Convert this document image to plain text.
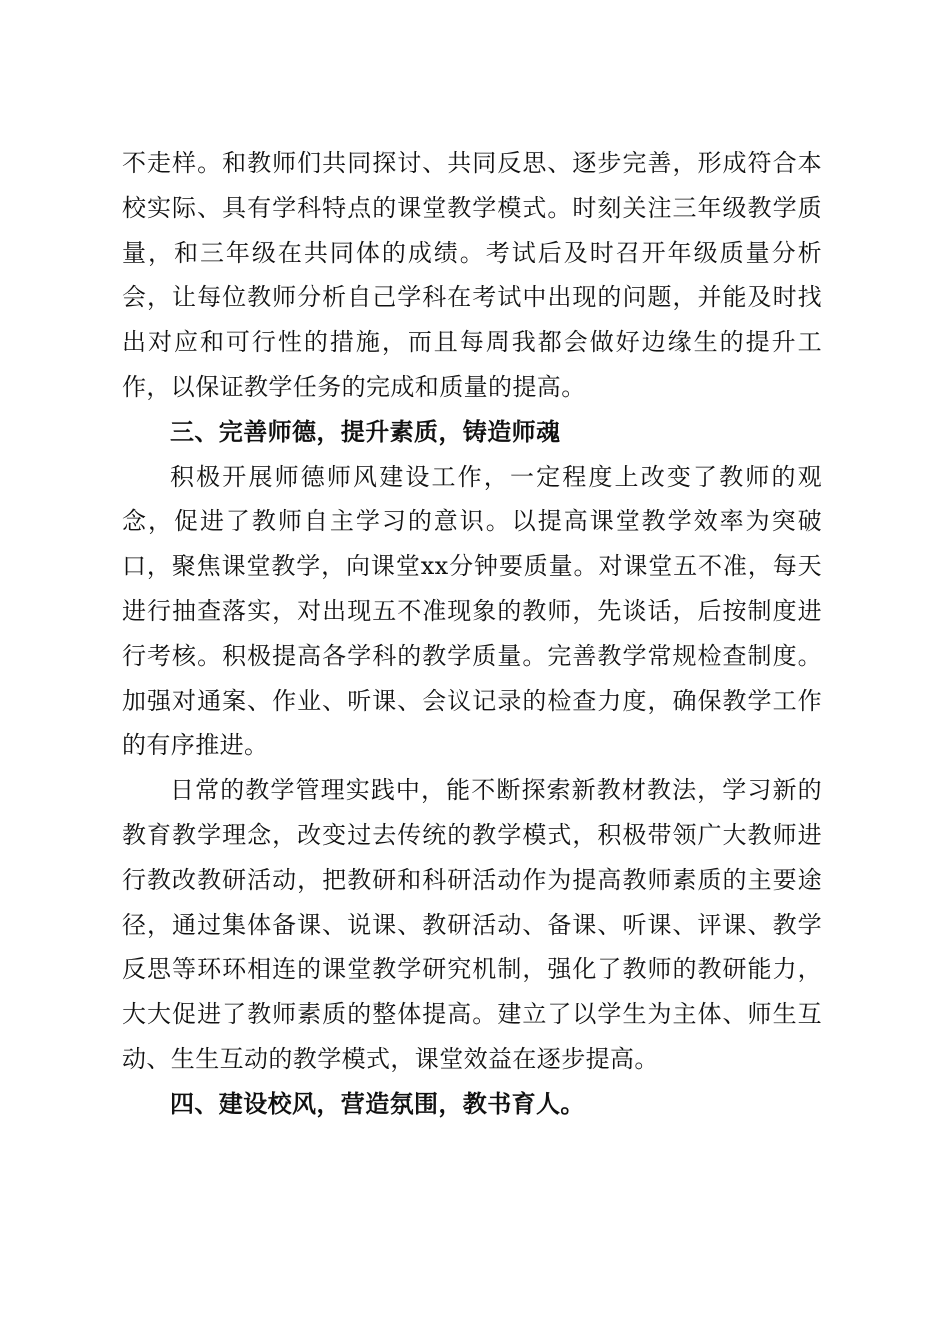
不走样。和教师们共同探讨、共同反思、逐步完善，形成符合本校实际、具有学科特点的课堂教学模式。时刻关注三年级教学质量，和三年级在共同体的成绩。考试后及时召开年级质量分析会，让每位教师分析自己学科在考试中出现的问题，并能及时找出对应和可行性的措施，而且每周我都会做好边缘生的提升工作，以保证教学任务的完成和质量的提高。

三、完善师德，提升素质，铸造师魂

积极开展师德师风建设工作，一定程度上改变了教师的观念，促进了教师自主学习的意识。以提高课堂教学效率为突破口，聚焦课堂教学，向课堂xx分钟要质量。对课堂五不准，每天进行抽查落实，对出现五不准现象的教师，先谈话，后按制度进行考核。积极提高各学科的教学质量。完善教学常规检查制度。加强对通案、作业、听课、会议记录的检查力度，确保教学工作的有序推进。

日常的教学管理实践中，能不断探索新教材教法，学习新的教育教学理念，改变过去传统的教学模式，积极带领广大教师进行教改教研活动，把教研和科研活动作为提高教师素质的主要途径，通过集体备课、说课、教研活动、备课、听课、评课、教学反思等环环相连的课堂教学研究机制，强化了教师的教研能力，大大促进了教师素质的整体提高。建立了以学生为主体、师生互动、生生互动的教学模式，课堂效益在逐步提高。

四、建设校风，营造氛围，教书育人。
